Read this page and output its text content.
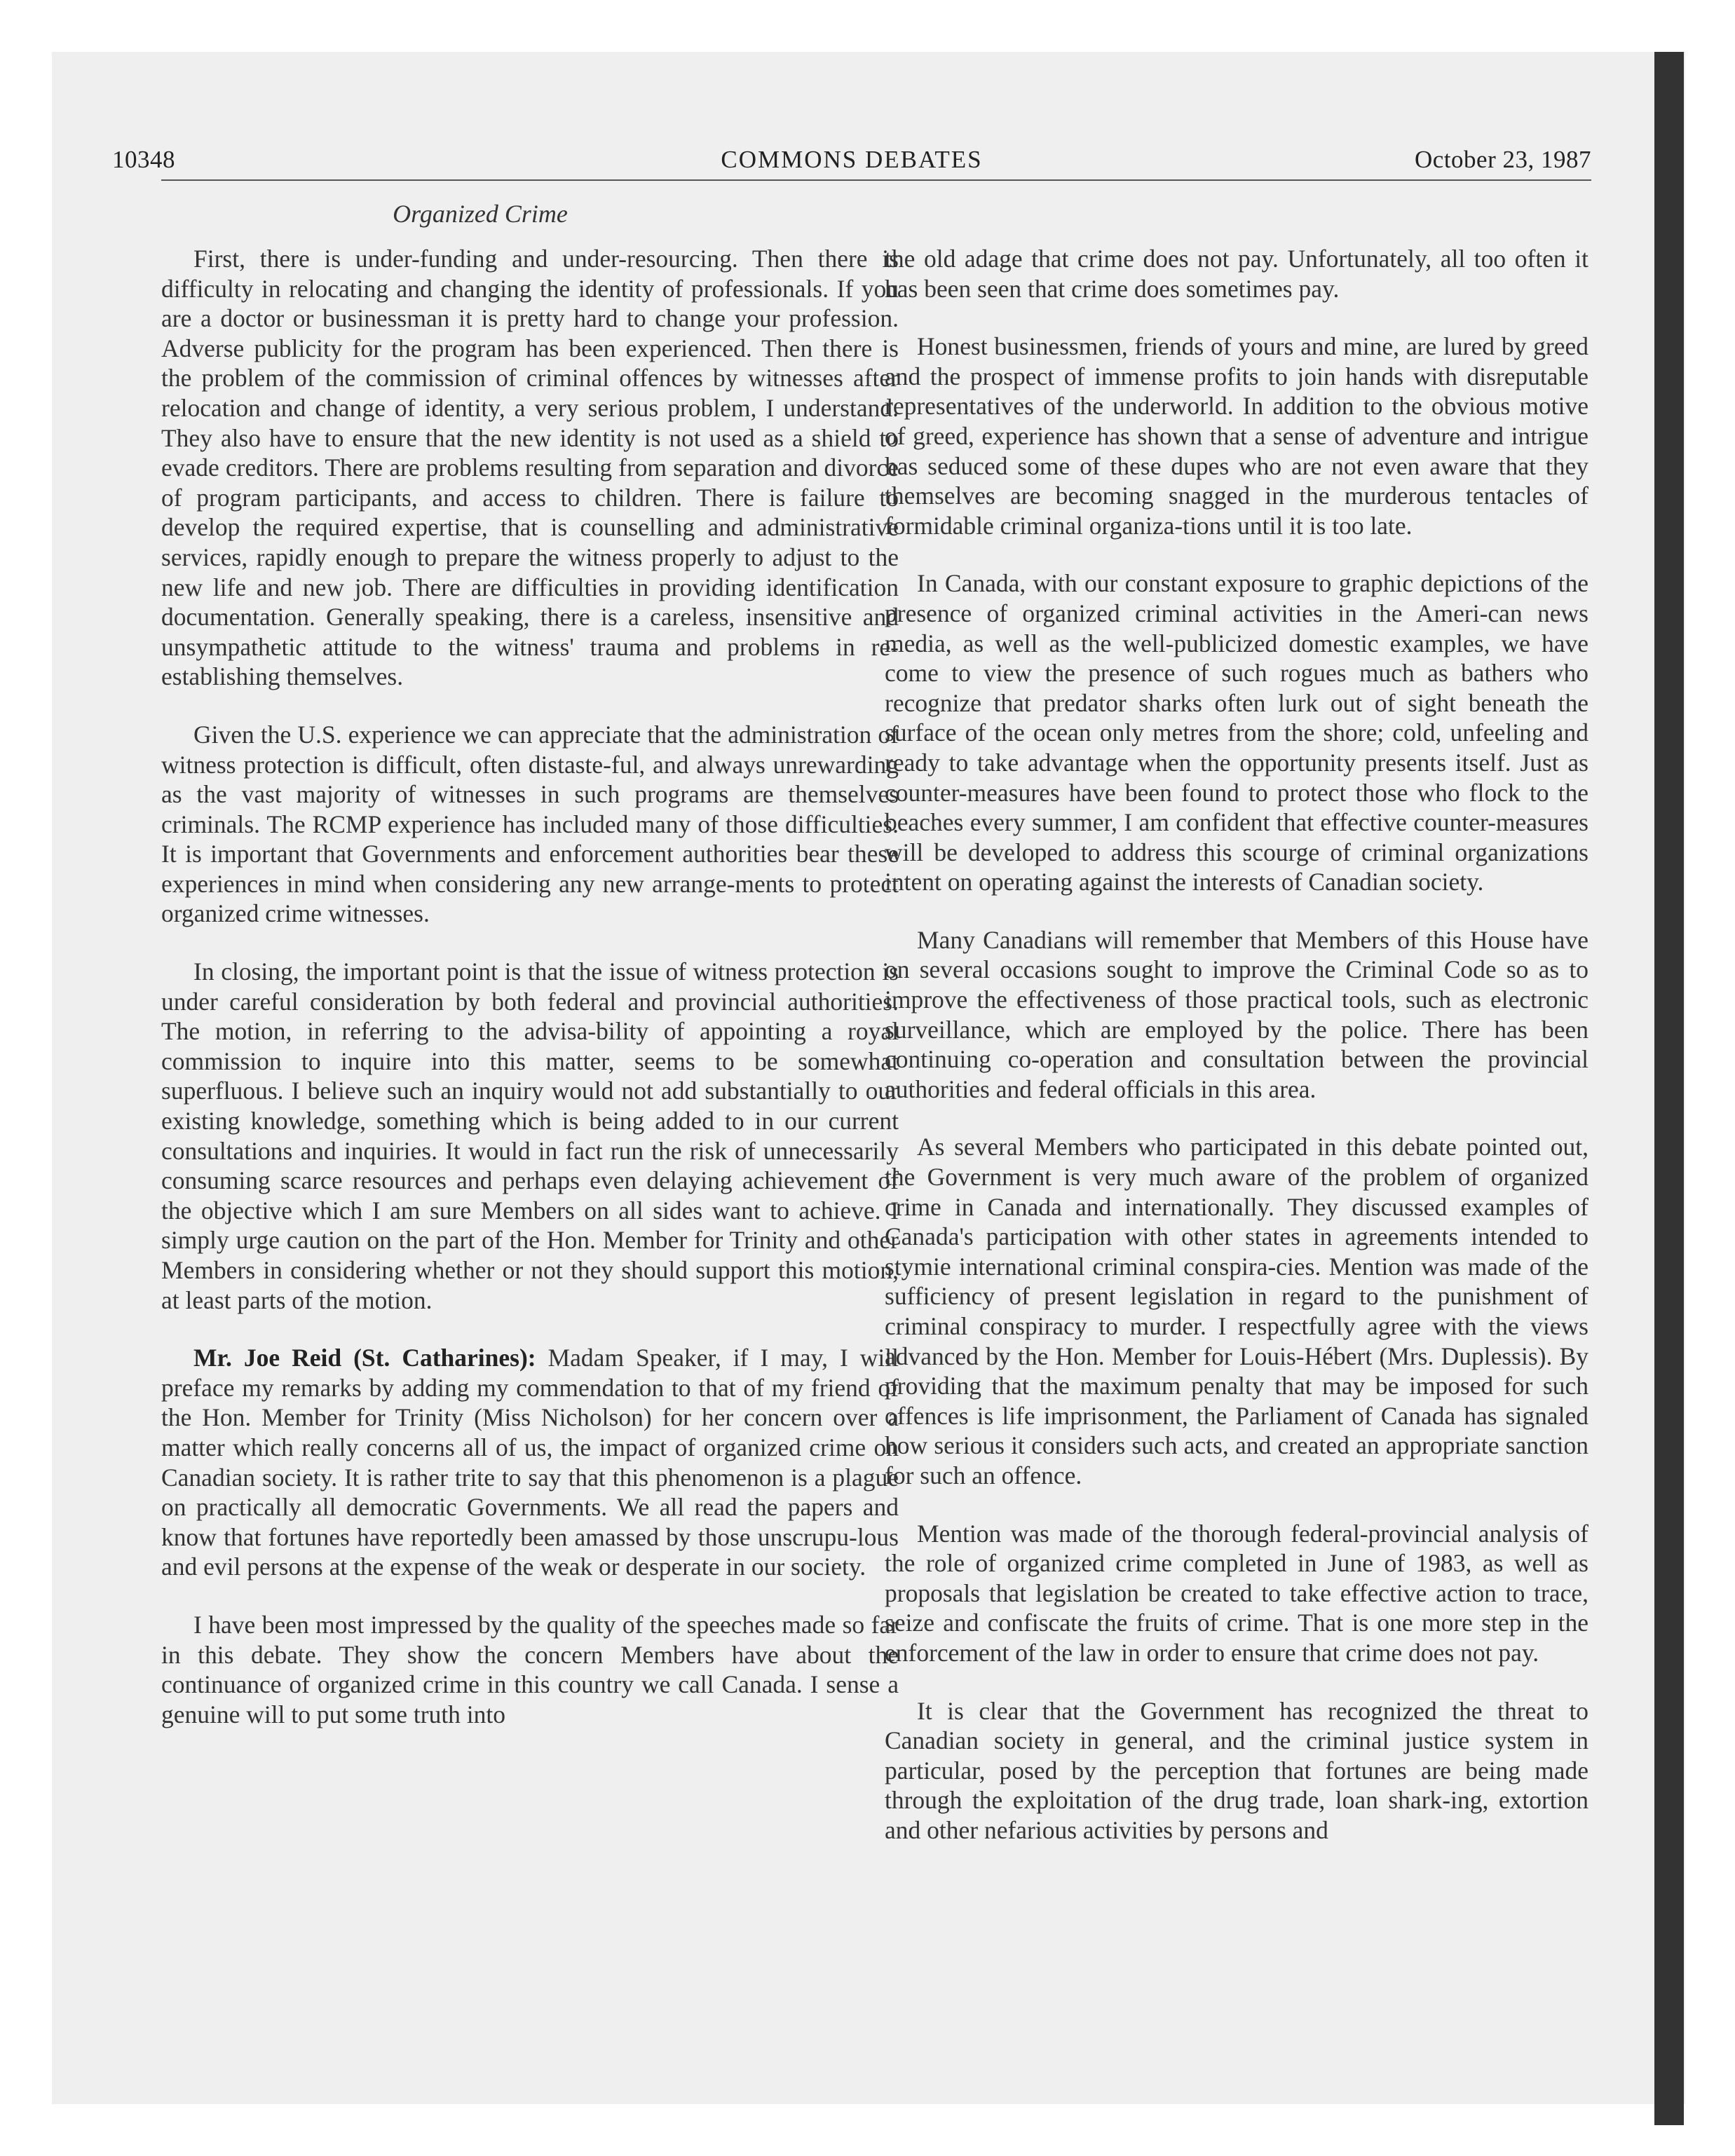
10348	COMMONS DEBATES	October 23, 1987
Organized Crime

First, there is under-funding and under-resourcing. Then there is difficulty in relocating and changing the identity of professionals. If you are a doctor or businessman it is pretty hard to change your profession. Adverse publicity for the program has been experienced. Then there is the problem of the commission of criminal offences by witnesses after relocation and change of identity, a very serious problem, I understand. They also have to ensure that the new identity is not used as a shield to evade creditors. There are problems resulting from separation and divorce of program participants, and access to children. There is failure to develop the required expertise, that is counselling and administrative services, rapidly enough to prepare the witness properly to adjust to the new life and new job. There are difficulties in providing identification documentation. Generally speaking, there is a careless, insensitive and unsympathetic attitude to the witness' trauma and problems in re-establishing themselves.

Given the U.S. experience we can appreciate that the administration of witness protection is difficult, often distaste-ful, and always unrewarding as the vast majority of witnesses in such programs are themselves criminals. The RCMP experience has included many of those difficulties. It is important that Governments and enforcement authorities bear these experiences in mind when considering any new arrange-ments to protect organized crime witnesses.

In closing, the important point is that the issue of witness protection is under careful consideration by both federal and provincial authorities. The motion, in referring to the advisa-bility of appointing a royal commission to inquire into this matter, seems to be somewhat superfluous. I believe such an inquiry would not add substantially to our existing knowledge, something which is being added to in our current consultations and inquiries. It would in fact run the risk of unnecessarily consuming scarce resources and perhaps even delaying achievement of the objective which I am sure Members on all sides want to achieve. I simply urge caution on the part of the Hon. Member for Trinity and other Members in considering whether or not they should support this motion, at least parts of the motion.

Mr. Joe Reid (St. Catharines): Madam Speaker, if I may, I will preface my remarks by adding my commendation to that of my friend of the Hon. Member for Trinity (Miss Nicholson) for her concern over a matter which really concerns all of us, the impact of organized crime on Canadian society. It is rather trite to say that this phenomenon is a plague on practically all democratic Governments. We all read the papers and know that fortunes have reportedly been amassed by those unscrupu-lous and evil persons at the expense of the weak or desperate in our society.

I have been most impressed by the quality of the speeches made so far in this debate. They show the concern Members have about the continuance of organized crime in this country we call Canada. I sense a genuine will to put some truth into

the old adage that crime does not pay. Unfortunately, all too often it has been seen that crime does sometimes pay.

Honest businessmen, friends of yours and mine, are lured by greed and the prospect of immense profits to join hands with disreputable representatives of the underworld. In addition to the obvious motive of greed, experience has shown that a sense of adventure and intrigue has seduced some of these dupes who are not even aware that they themselves are becoming snagged in the murderous tentacles of formidable criminal organiza-tions until it is too late.

In Canada, with our constant exposure to graphic depictions of the presence of organized criminal activities in the Ameri-can news media, as well as the well-publicized domestic examples, we have come to view the presence of such rogues much as bathers who recognize that predator sharks often lurk out of sight beneath the surface of the ocean only metres from the shore; cold, unfeeling and ready to take advantage when the opportunity presents itself. Just as counter-measures have been found to protect those who flock to the beaches every summer, I am confident that effective counter-measures will be developed to address this scourge of criminal organizations intent on operating against the interests of Canadian society.

Many Canadians will remember that Members of this House have on several occasions sought to improve the Criminal Code so as to improve the effectiveness of those practical tools, such as electronic surveillance, which are employed by the police. There has been continuing co-operation and consultation between the provincial authorities and federal officials in this area.

As several Members who participated in this debate pointed out, the Government is very much aware of the problem of organized crime in Canada and internationally. They discussed examples of Canada's participation with other states in agreements intended to stymie international criminal conspira-cies. Mention was made of the sufficiency of present legislation in regard to the punishment of criminal conspiracy to murder. I respectfully agree with the views advanced by the Hon. Member for Louis-Hébert (Mrs. Duplessis). By providing that the maximum penalty that may be imposed for such offences is life imprisonment, the Parliament of Canada has signaled how serious it considers such acts, and created an appropriate sanction for such an offence.

Mention was made of the thorough federal-provincial analysis of the role of organized crime completed in June of 1983, as well as proposals that legislation be created to take effective action to trace, seize and confiscate the fruits of crime. That is one more step in the enforcement of the law in order to ensure that crime does not pay.

It is clear that the Government has recognized the threat to Canadian society in general, and the criminal justice system in particular, posed by the perception that fortunes are being made through the exploitation of the drug trade, loan shark-ing, extortion and other nefarious activities by persons and
